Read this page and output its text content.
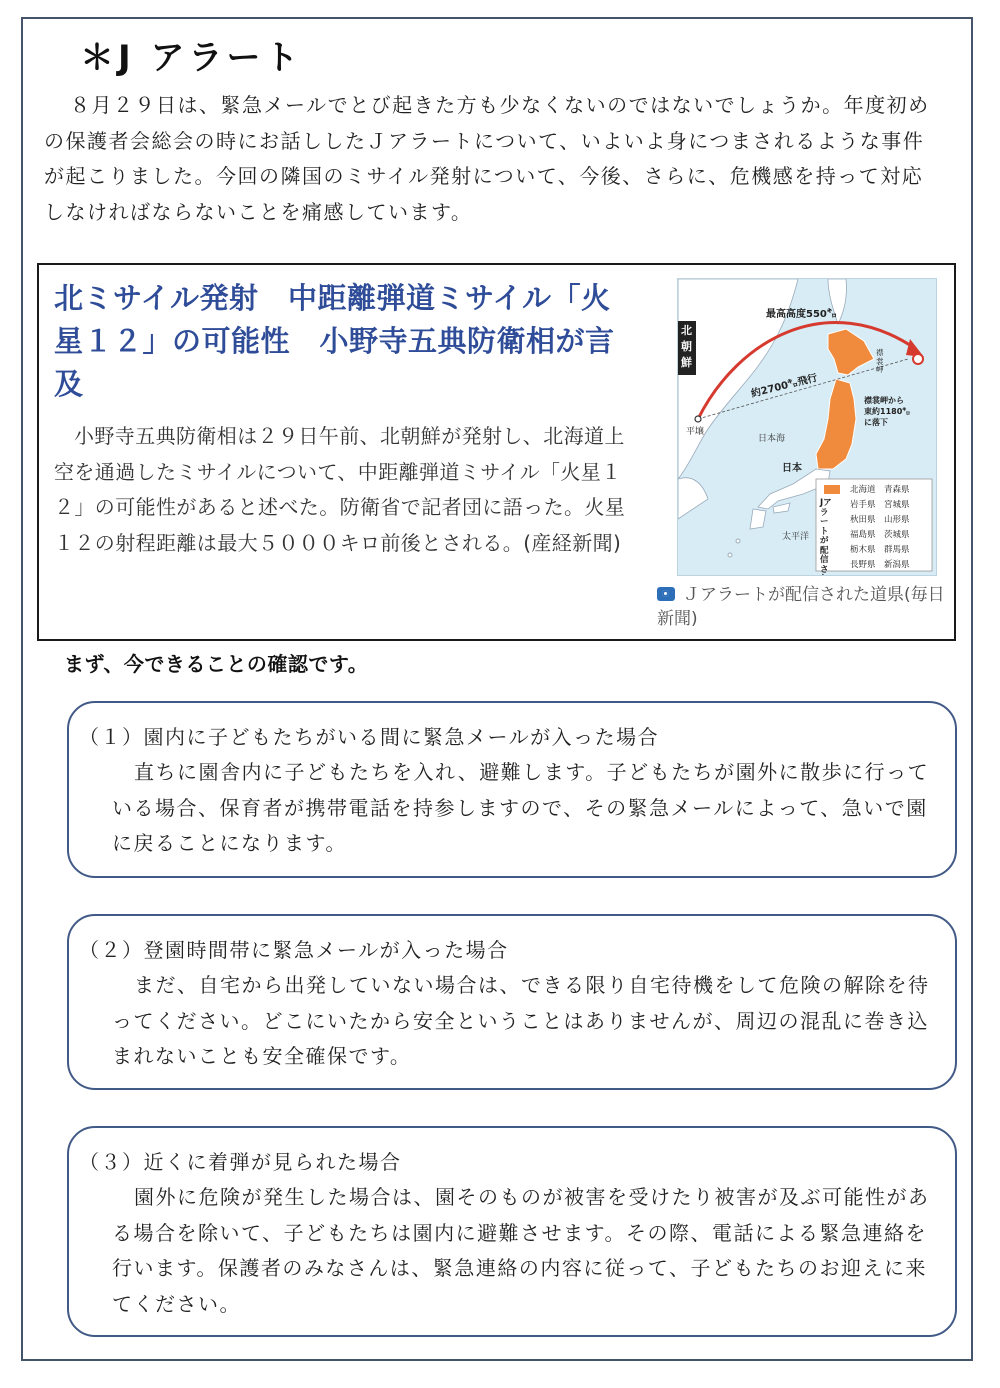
＊J アラート

８月２９日は、緊急メールでとび起きた方も少なくないのではないでしょうか。年度初めの保護者会総会の時にお話ししたＪアラートについて、いよいよ身につまされるような事件が起こりました。今回の隣国のミサイル発射について、今後、さらに、危機感を持って対応しなければならないことを痛感しています。

北ミサイル発射　中距離弾道ミサイル「火星１２」の可能性　小野寺五典防衛相が言及

小野寺五典防衛相は２９日午前、北朝鮮が発射し、北海道上空を通過したミサイルについて、中距離弾道ミサイル「火星１２」の可能性があると述べた。防衛省で記者団に語った。火星１２の射程距離は最大５０００キロ前後とされる。(産経新聞)

平壌
最高高度550㌔
約2700㌔飛行
日本海
日本
太平洋
襟裳岬から東約1180㌔に落下
北海道　 青森県
岩手県　 宮城県
秋田県　 山形県
福島県　 茨城県
栃木県　 群馬県
長野県　 新潟県
Jアラートが配信さ
襟裳岬
北朝鮮
Ｊアラートが配信された道県(毎日新聞)
まず、今できることの確認です。
（１）園内に子どもたちがいる間に緊急メールが入った場合

直ちに園舎内に子どもたちを入れ、避難します。子どもたちが園外に散歩に行っている場合、保育者が携帯電話を持参しますので、その緊急メールによって、急いで園に戻ることになります。

（２）登園時間帯に緊急メールが入った場合

まだ、自宅から出発していない場合は、できる限り自宅待機をして危険の解除を待ってください。どこにいたから安全ということはありませんが、周辺の混乱に巻き込まれないことも安全確保です。

（３）近くに着弾が見られた場合

園外に危険が発生した場合は、園そのものが被害を受けたり被害が及ぶ可能性がある場合を除いて、子どもたちは園内に避難させます。その際、電話による緊急連絡を行います。保護者のみなさんは、緊急連絡の内容に従って、子どもたちのお迎えに来てください。
